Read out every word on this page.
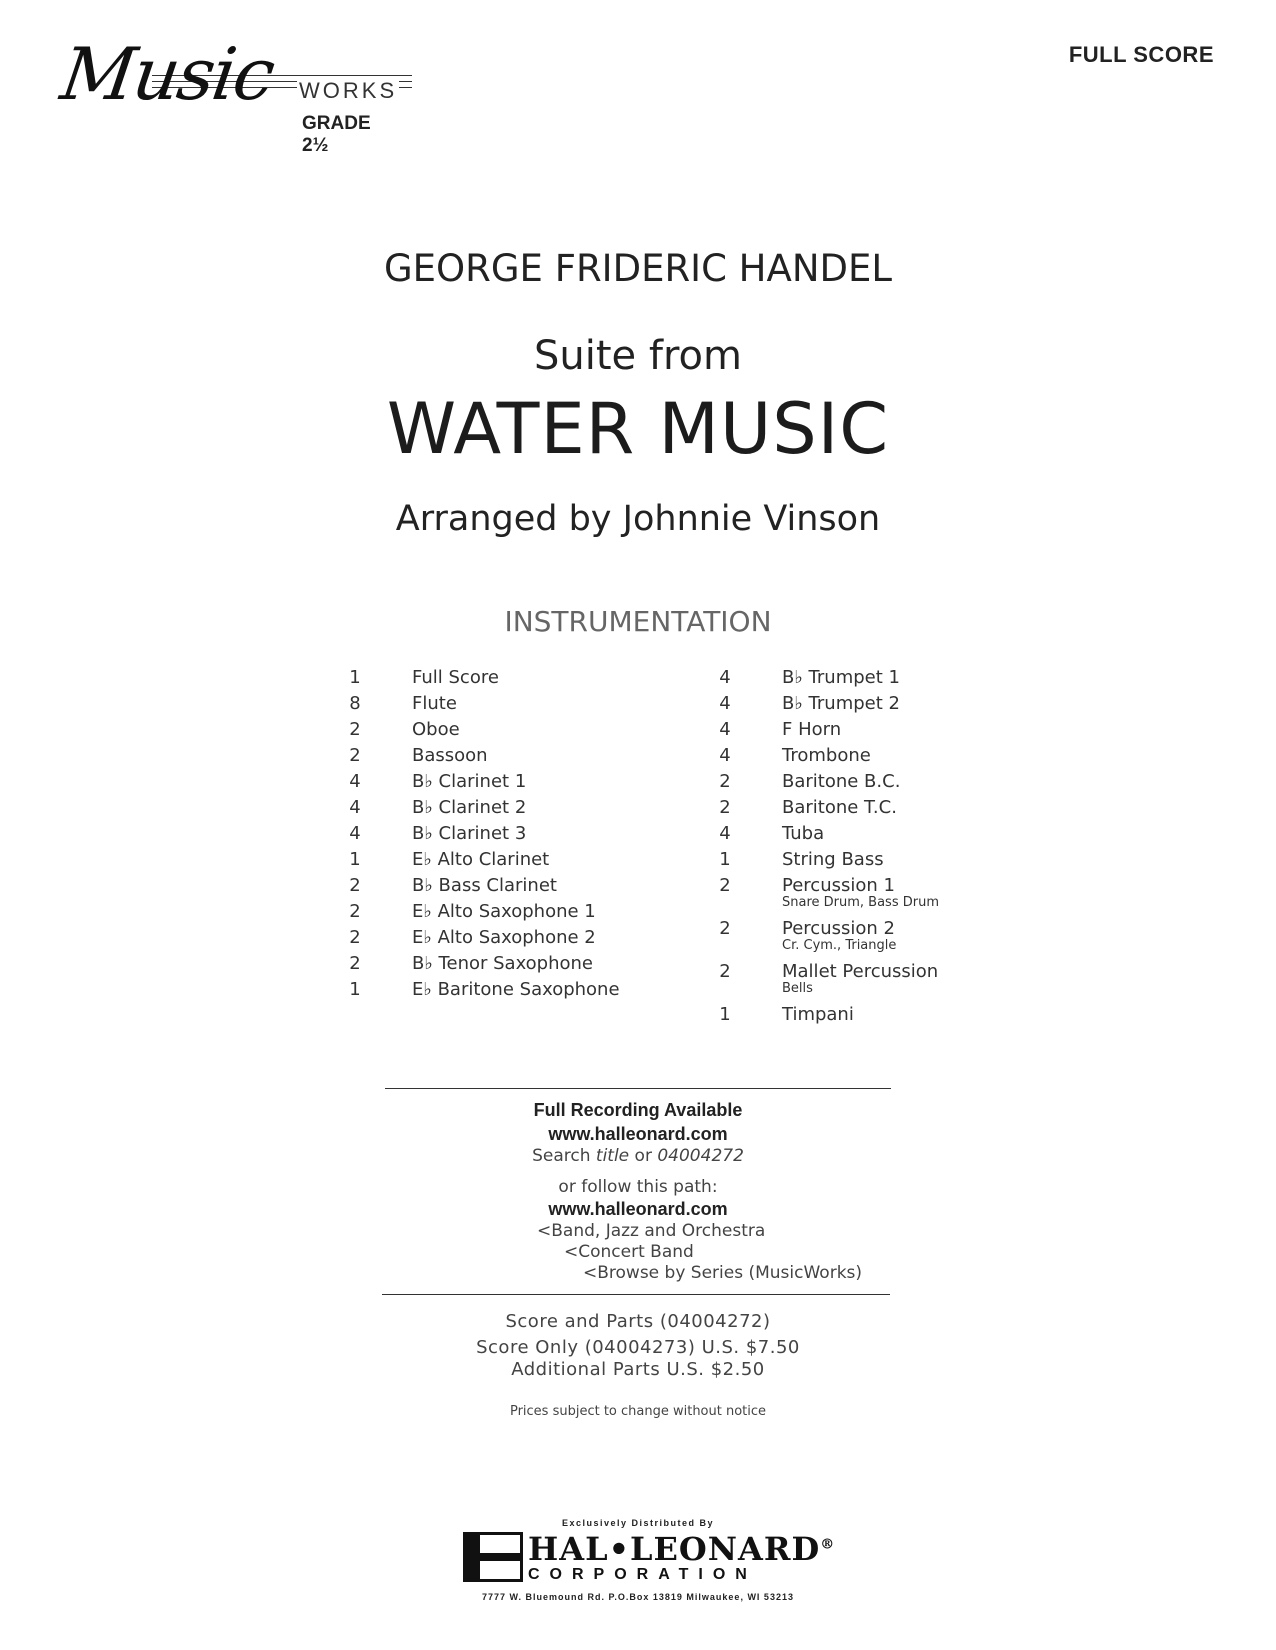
Music WORKS
GRADE 2½
FULL SCORE
GEORGE FRIDERIC HANDEL
Suite from
WATER MUSIC
Arranged by Johnnie Vinson
INSTRUMENTATION
1	Full Score
8	Flute
2	Oboe
2	Bassoon
4	B♭ Clarinet 1
4	B♭ Clarinet 2
4	B♭ Clarinet 3
1	E♭ Alto Clarinet
2	B♭ Bass Clarinet
2	E♭ Alto Saxophone 1
2	E♭ Alto Saxophone 2
2	B♭ Tenor Saxophone
1	E♭ Baritone Saxophone
4	B♭ Trumpet 1
4	B♭ Trumpet 2
4	F Horn
4	Trombone
2	Baritone B.C.
2	Baritone T.C.
4	Tuba
1	String Bass
2	Percussion 1
Snare Drum, Bass Drum
2	Percussion 2
Cr. Cym., Triangle
2	Mallet Percussion
Bells
1	Timpani
Full Recording Available
www.halleonard.com
Search title or 04004272
or follow this path:
www.halleonard.com
<Band, Jazz and Orchestra
<Concert Band
<Browse by Series (MusicWorks)
Score and Parts (04004272)
Score Only (04004273) U.S. $7.50
Additional Parts U.S. $2.50
Prices subject to change without notice
Exclusively Distributed By
HAL•LEONARD®
CORPORATION
7777 W. Bluemound Rd. P.O.Box 13819 Milwaukee, WI 53213
